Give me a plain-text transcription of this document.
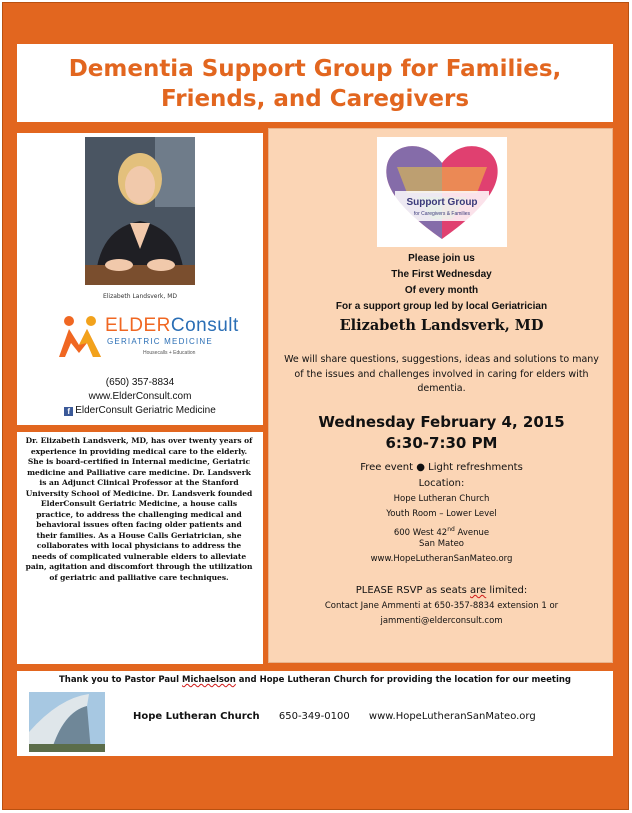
Dementia Support Group for Families,
Friends, and Caregivers
Elizabeth Landsverk, MD
ELDERConsult
GERIATRIC MEDICINE
Housecalls + Education
(650) 357-8834
www.ElderConsult.com
f ElderConsult Geriatric Medicine

Dr. Elizabeth Landsverk, MD, has over twenty years of experience in providing medical care to the elderly. She is board-certified in Internal medicine, Geriatric medicine and Palliative care medicine. Dr. Landsverk is an Adjunct Clinical Professor at the Stanford University School of Medicine. Dr. Landsverk founded ElderConsult Geriatric Medicine, a house calls practice, to address the challenging medical and behavioral issues often facing older patients and their families. As a House Calls Geriatrician, she collaborates with local physicians to address the needs of complicated vulnerable elders to alleviate pain, agitation and discomfort through the utilization of geriatric and palliative care techniques.

Support Group
for Caregivers & Families
Please join us
The First Wednesday
Of every month
For a support group led by local Geriatrician
Elizabeth Landsverk, MD
We will share questions, suggestions, ideas and solutions to many of the issues and challenges involved in caring for elders with dementia.
Wednesday February 4, 2015
6:30-7:30 PM
Free event ● Light refreshments
Location:
Hope Lutheran Church
Youth Room – Lower Level
600 West 42nd Avenue
San Mateo
www.HopeLutheranSanMateo.org
PLEASE RSVP as seats are limited:
Contact Jane Ammenti at 650-357-8834 extension 1 or
jammenti@elderconsult.com
Thank you to Pastor Paul Michaelson and Hope Lutheran Church for providing the location for our meeting
Hope Lutheran Church 650-349-0100 www.HopeLutheranSanMateo.org
